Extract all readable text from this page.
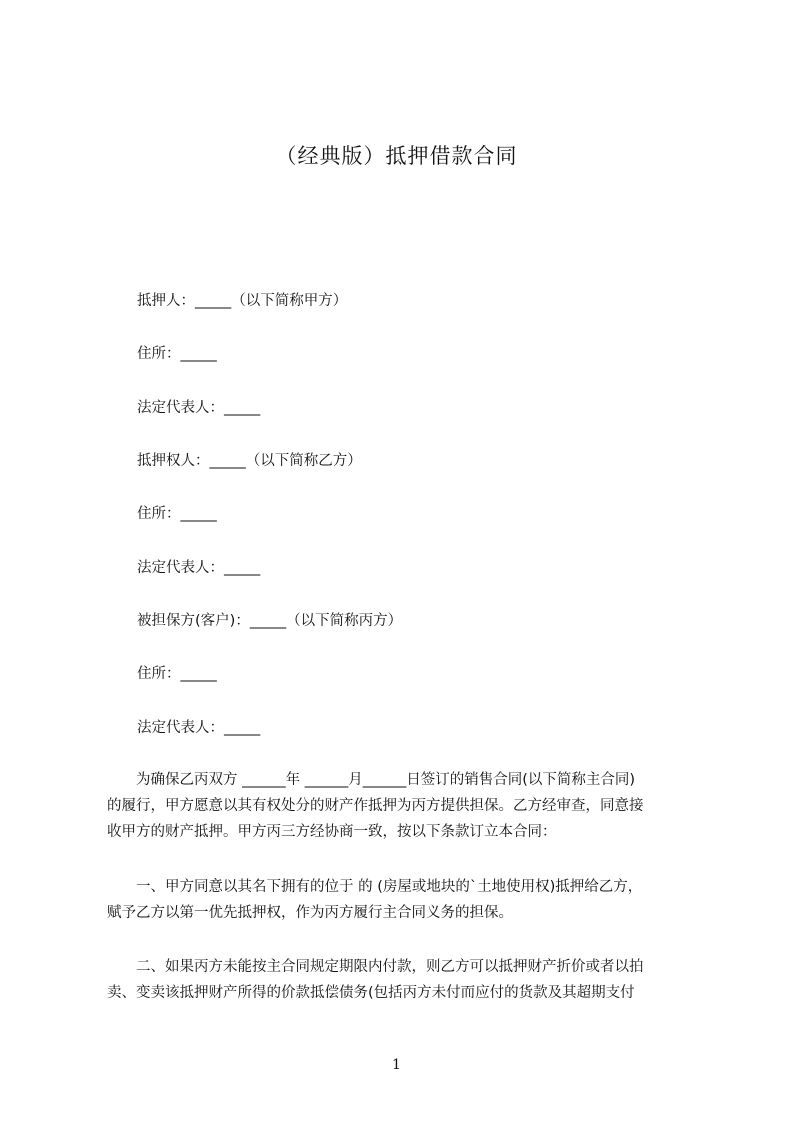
（经典版）抵押借款合同

抵押人：_____（以下简称甲方）

住所：_____

法定代表人：_____

抵押权人：_____（以下简称乙方）

住所：_____

法定代表人：_____

被担保方(客户)：_____（以下简称丙方）

住所：_____

法定代表人：_____

　　为确保乙丙双方 ______年 ______月______日签订的销售合同(以下简称主合同)
的履行，甲方愿意以其有权处分的财产作抵押为丙方提供担保。乙方经审查，同意接
收甲方的财产抵押。甲方丙三方经协商一致，按以下条款订立本合同：
　　一、甲方同意以其名下拥有的位于 的 (房屋或地块的`土地使用权)抵押给乙方，
赋予乙方以第一优先抵押权，作为丙方履行主合同义务的担保。
　　二、如果丙方未能按主合同规定期限内付款，则乙方可以抵押财产折价或者以拍
卖、变卖该抵押财产所得的价款抵偿债务(包括丙方未付而应付的货款及其超期支付

1
